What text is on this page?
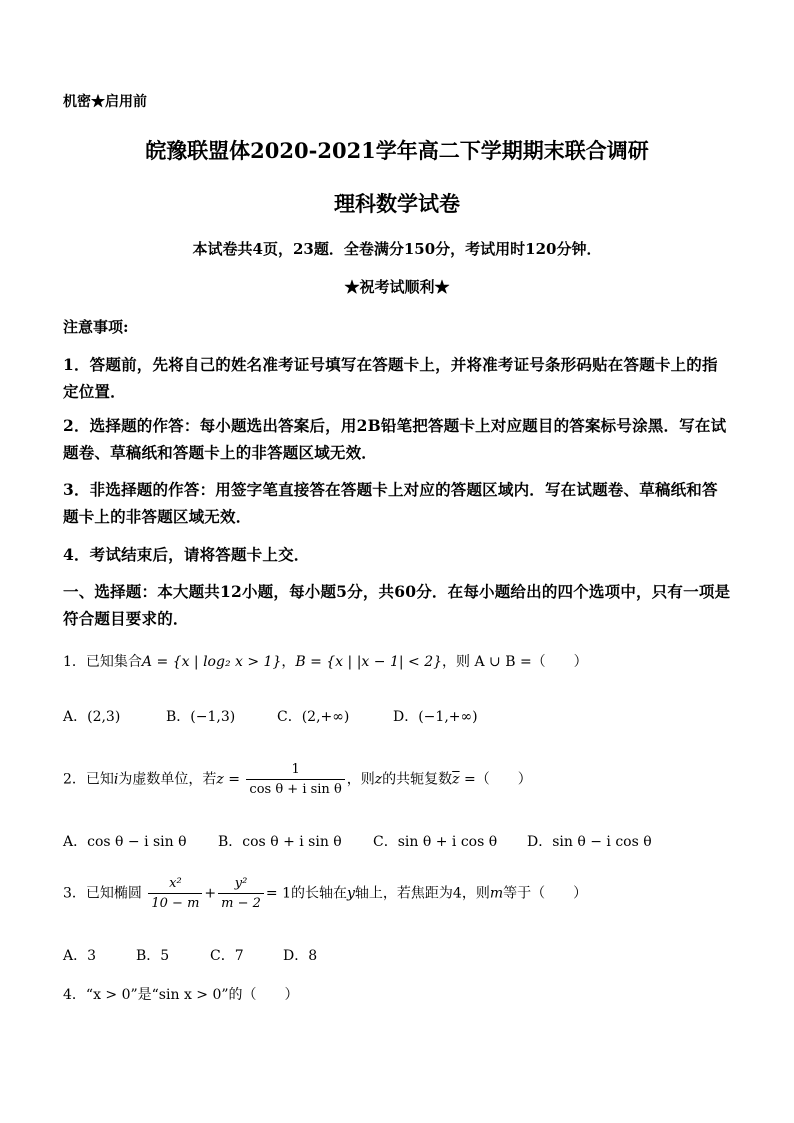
机密★启用前
皖豫联盟体2020-2021学年高二下学期期末联合调研
理科数学试卷
本试卷共4页，23题．全卷满分150分，考试用时120分钟．
★祝考试顺利★
注意事项:
1．答题前，先将自己的姓名准考证号填写在答题卡上，并将准考证号条形码贴在答题卡上的指定位置．
2．选择题的作答：每小题选出答案后，用2B铅笔把答题卡上对应题目的答案标号涂黑．写在试题卷、草稿纸和答题卡上的非答题区域无效．
3．非选择题的作答：用签字笔直接答在答题卡上对应的答题区域内．写在试题卷、草稿纸和答题卡上的非答题区域无效．
4．考试结束后，请将答题卡上交．
一、选择题：本大题共12小题，每小题5分，共60分．在每小题给出的四个选项中，只有一项是符合题目要求的．
1．已知集合A = {x | log₂ x > 1}，B = {x | |x − 1| < 2}，则 A ∪ B =（　　）
A．(2,3)	B．(−1,3)	C．(2,+∞)	D．(−1,+∞)
2．已知i为虚数单位，若$z = \frac{1}{\text{cos θ + i sin θ}}$ ，则z的共轭复数$\overline{z}$ =（　　）
A．cos θ − i sin θ B．cos θ + i sin θ C．sin θ + i cos θ D．sin θ − i cos θ
3．已知椭圆 $\frac{\text{x²}}{10 - m} + \frac{\text{y²}}{m - 2} = 1$的长轴在y轴上，若焦距为4，则m等于（　　）
A．3	B．5	C．7	D．8
4．“x > 0”是“sin x > 0”的（　　）
